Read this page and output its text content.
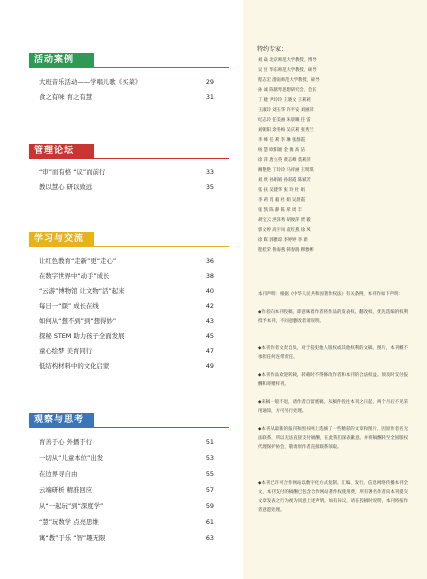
活动案例
大班音乐活动——学唱儿歌《买菜》	29
食之有味 育之有慧	31
管理论坛
“审”而有格 “议”而前行	33
教以慧心 研以致远	35
学习与交流
让红色教育“走新”更“走心”	36
在数字世界中“动手”成长	38
“云游”博物馆 让文物“活”起来	40
每日一“颜” 成长在线	42
如何从“想不到”到“想得妙”	43
探秘 STEM 助力孩子全面发展	45
童心绘梦 美育同行	47
低结构材料中的文化启蒙	49
观察与思考
育善于心 外播于行	51
一切从“儿童本位”出发	53
在边界寻自由	55
云端研析 精准回应	57
从“一起玩”到“深度学”	59
“慧”玩数学 点亮思维	61
寓“教”于乐 “智”趣无限	63
特约专家：
刘 焱 北京师范大学教授、博导
吴 甘 华东师范大学教授、硕导
程志宏 渤南师范大学教授、硕导
孙 诚 陈鹤琴思想研究会、会长
丁 婕 尹玲玲 王晓文 王莉莉
王淑玲 刘玉华 许平安 刘丽萍
纪志玲 任美丽 朱晨曦 任 雷
刘朝阳 余冬梅 吴庆莉 张秀兰
李 峰 任 莉 李 琳 张群霞
杨 慧 欧阳媛 金 俊 高 洁
徐 萍 唐立英 黄志峰 莫莉萍
阚艳艳 丁玲玲 马祥丽 王明琪
刘 欣 孙娟娟 孙彩霞 陈斌芳
张 扶 吴建华 张 玲 杜 娟
李 莉 肖 毅 杜 娟 吴晨霞
张 凯 陈 静 陈 彤 周 丰
胡宝云 洪泽秀 胡俊萍 贾 毅
郭文婷 高宇凤 袁红燕 徐 凤
徐 晖 郭雅琼 李婷婷 李 新
程桂荣 鲁海燕 韩春鹃 穆雅彬
本刊声明：根据《中华人民共和国著作权法》有关条例，本刊作如下声明：
◆作者向本刊投稿，即意味着作者将作品的发表权、翻改权、优先选编的权利授予本刊，不同意删改者请说明。
◆本刊作者文责自负，对于侵犯他人版权或其他权利的文稿、图片，本刊概不承担任何连带责任。
◆本刊作品欢迎转载，转载时不得修改作者和本刊的合法权益。须及时支付报酬和寄赠样刊。
◆来稿一般不退，请作者自留底稿，从稿件投往本刊之日起，两个月后不见采用通知，方可另行处理。
◆本刊从最新的报刊和图书网上选摘了一些精彩的文章和图片，因原作者名无法联系，所以无法直接支付稿酬，在此我们深表歉意。并将稿酬转至全国版权代理保护协会，敬请原作者直接联系领取。
◆本刊已许可合作网站以数字化方式复制、汇编、发行、信息网络传播本刊全文，本刊支付的稿酬已包含合作网站著作权使用费，所有署名作者向本刊提交文章发表之行为视为同意上述声明。如有异议，请在投稿时说明，本刊将按作者意愿处理。
